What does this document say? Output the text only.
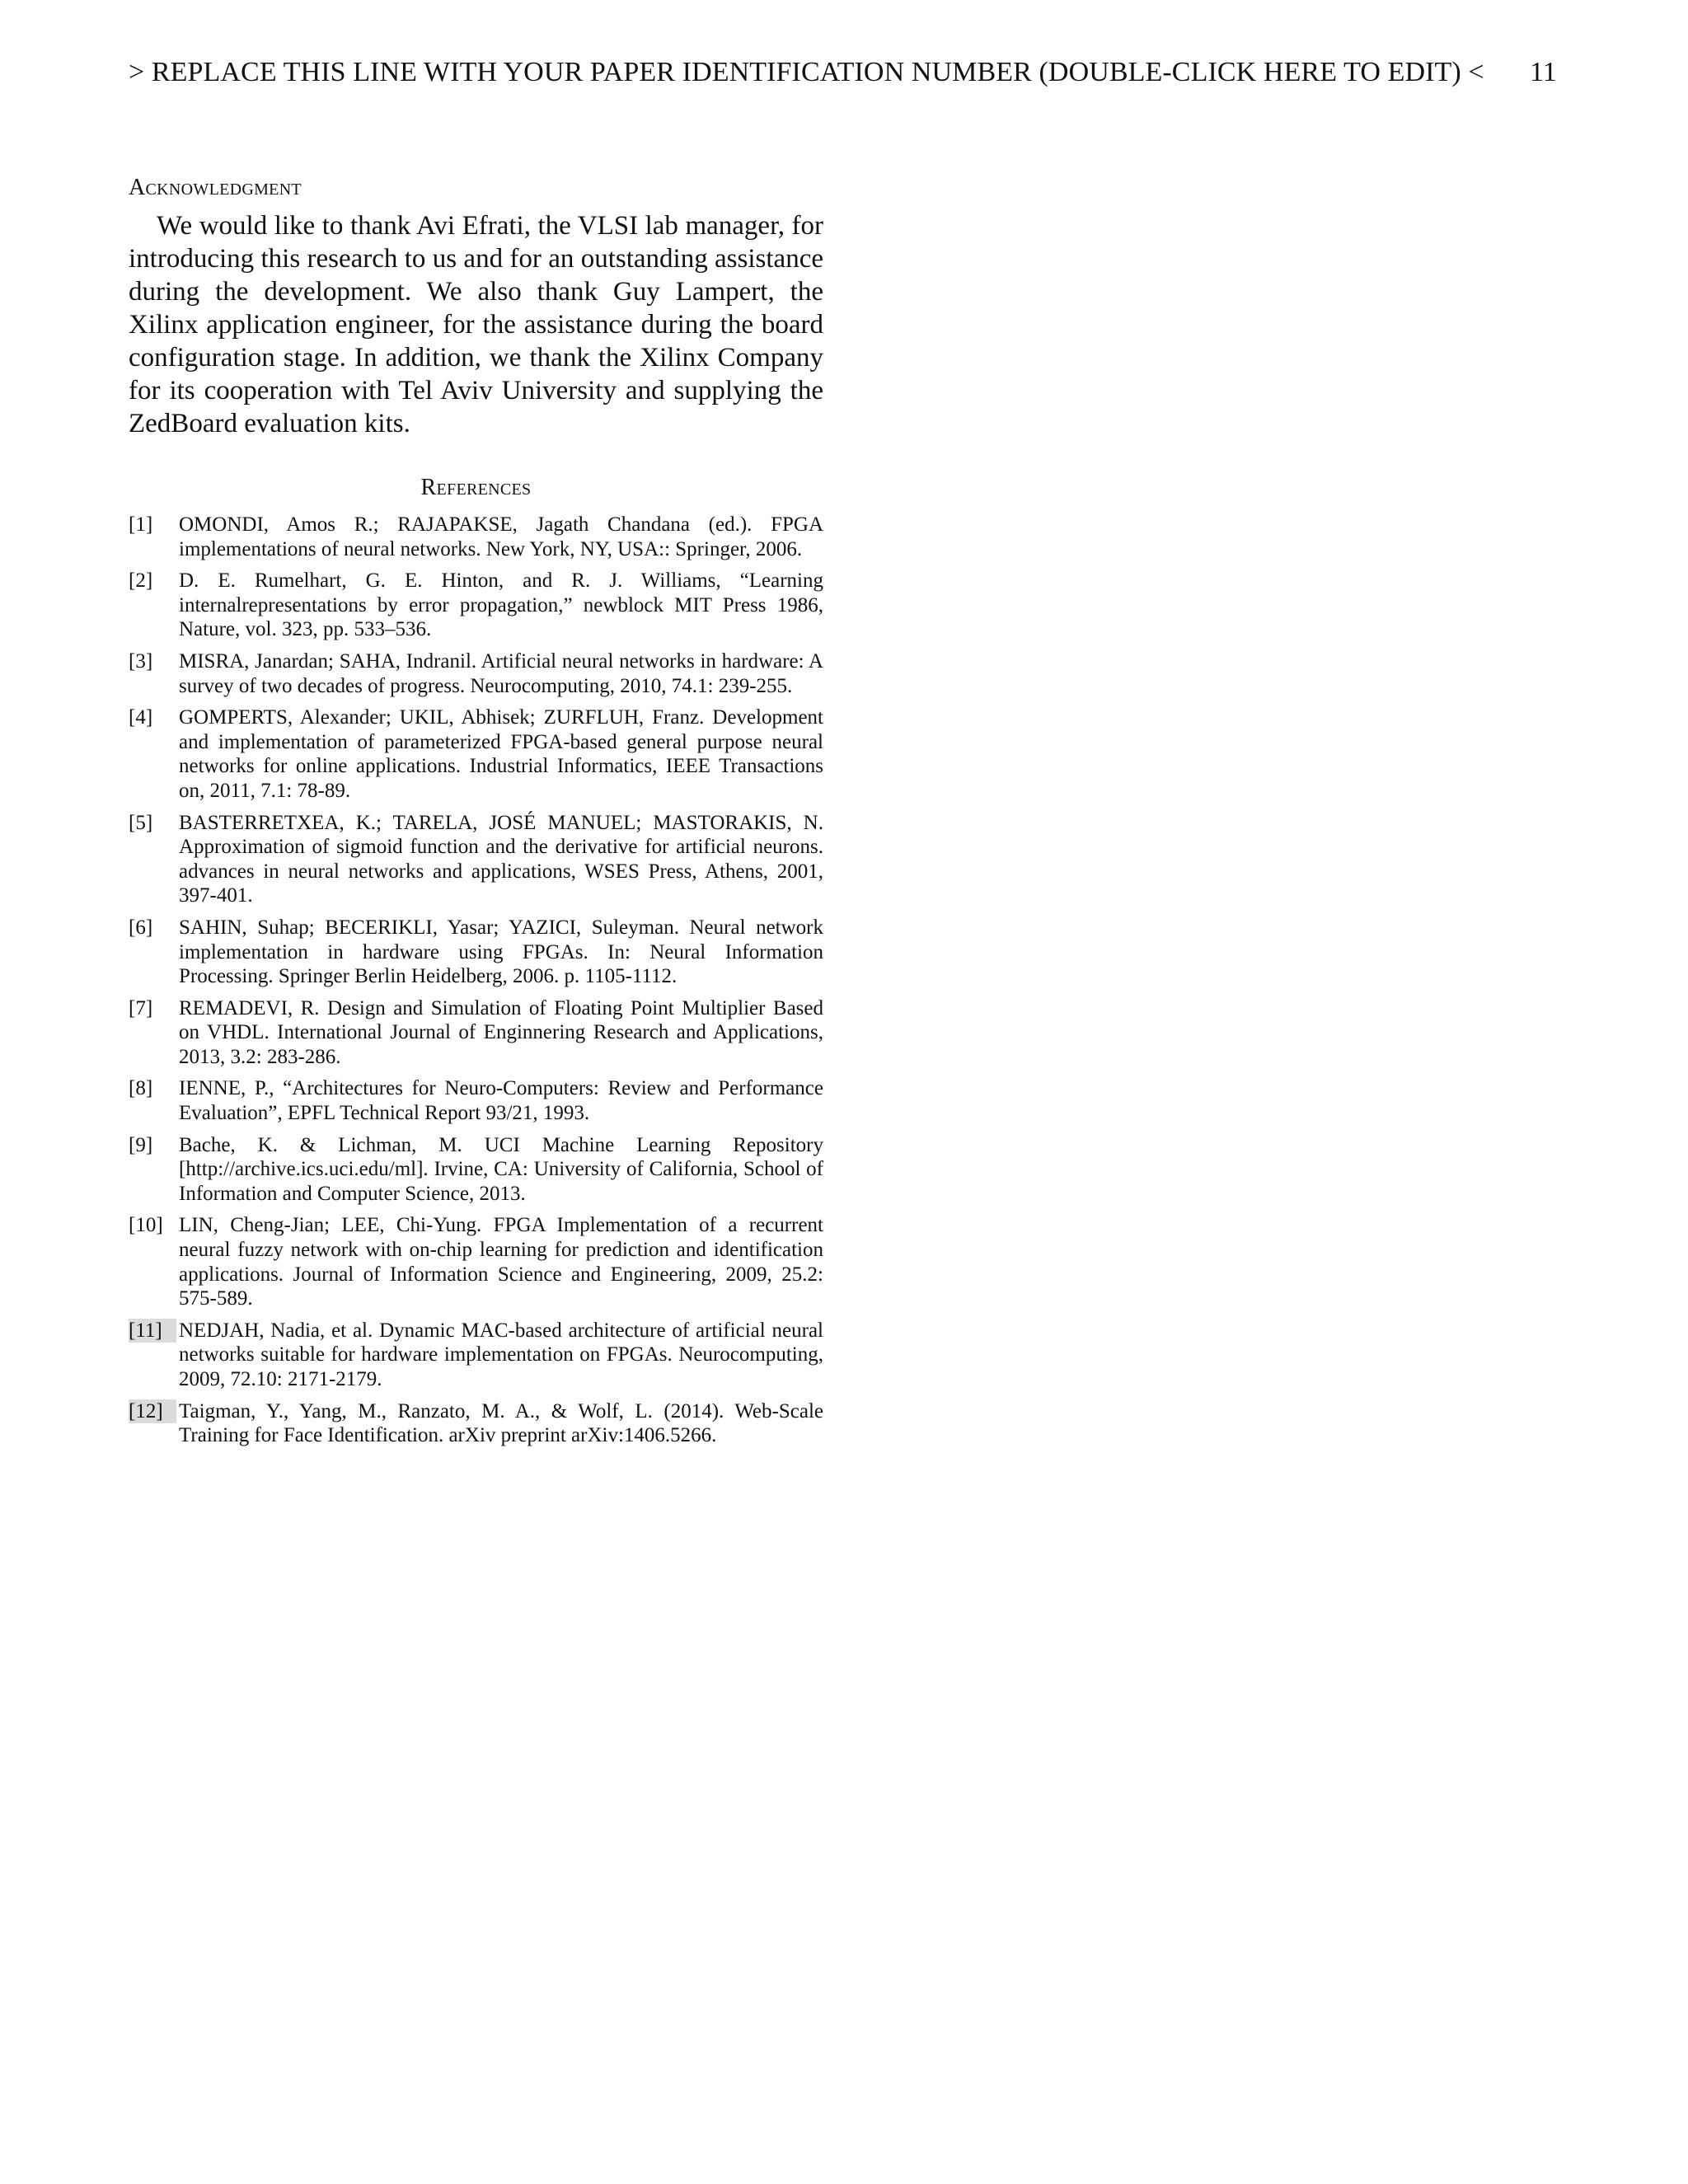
> REPLACE THIS LINE WITH YOUR PAPER IDENTIFICATION NUMBER (DOUBLE-CLICK HERE TO EDIT) < 11
Acknowledgment

We would like to thank Avi Efrati, the VLSI lab manager, for introducing this research to us and for an outstanding assistance during the development. We also thank Guy Lampert, the Xilinx application engineer, for the assistance during the board configuration stage. In addition, we thank the Xilinx Company for its cooperation with Tel Aviv University and supplying the ZedBoard evaluation kits.

References
[1]	OMONDI, Amos R.; RAJAPAKSE, Jagath Chandana (ed.). FPGA implementations of neural networks. New York, NY, USA:: Springer, 2006.
[2]	D. E. Rumelhart, G. E. Hinton, and R. J. Williams, “Learning internalrepresentations by error propagation,” newblock MIT Press 1986, Nature, vol. 323, pp. 533–536.
[3]	MISRA, Janardan; SAHA, Indranil. Artificial neural networks in hardware: A survey of two decades of progress. Neurocomputing, 2010, 74.1: 239-255.
[4]	GOMPERTS, Alexander; UKIL, Abhisek; ZURFLUH, Franz. Development and implementation of parameterized FPGA-based general purpose neural networks for online applications. Industrial Informatics, IEEE Transactions on, 2011, 7.1: 78-89.
[5]	BASTERRETXEA, K.; TARELA, JOSÉ MANUEL; MASTORAKIS, N. Approximation of sigmoid function and the derivative for artificial neurons. advances in neural networks and applications, WSES Press, Athens, 2001, 397-401.
[6]	SAHIN, Suhap; BECERIKLI, Yasar; YAZICI, Suleyman. Neural network implementation in hardware using FPGAs. In: Neural Information Processing. Springer Berlin Heidelberg, 2006. p. 1105-1112.
[7]	REMADEVI, R. Design and Simulation of Floating Point Multiplier Based on VHDL. International Journal of Enginnering Research and Applications, 2013, 3.2: 283-286.
[8]	IENNE, P., “Architectures for Neuro-Computers: Review and Performance Evaluation”, EPFL Technical Report 93/21, 1993.
[9]	Bache, K. & Lichman, M. UCI Machine Learning Repository [http://archive.ics.uci.edu/ml]. Irvine, CA: University of California, School of Information and Computer Science, 2013.
[10] LIN, Cheng-Jian; LEE, Chi-Yung. FPGA Implementation of a recurrent neural fuzzy network with on-chip learning for prediction and identification applications. Journal of Information Science and Engineering, 2009, 25.2: 575-589.
[11] NEDJAH, Nadia, et al. Dynamic MAC-based architecture of artificial neural networks suitable for hardware implementation on FPGAs. Neurocomputing, 2009, 72.10: 2171-2179.
[12] Taigman, Y., Yang, M., Ranzato, M. A., & Wolf, L. (2014). Web-Scale Training for Face Identification. arXiv preprint arXiv:1406.5266.
